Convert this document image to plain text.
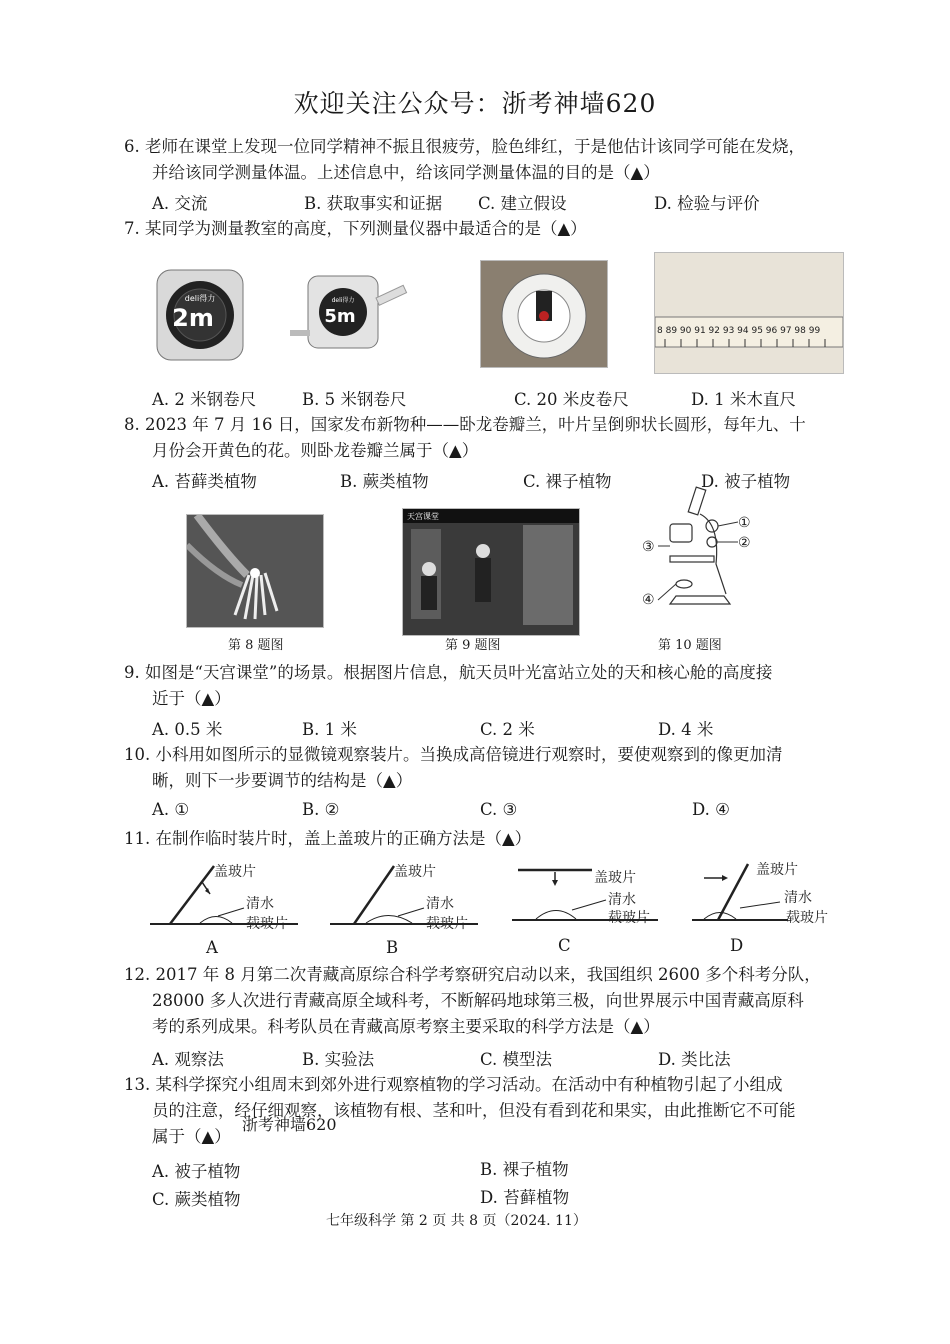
欢迎关注公众号：浙考神墙620
6. 老师在课堂上发现一位同学精神不振且很疲劳，脸色绯红，于是他估计该同学可能在发烧，
并给该同学测量体温。上述信息中，给该同学测量体温的目的是（▲）
A. 交流	B. 获取事实和证据 C. 建立假设	D. 检验与评价
7. 某同学为测量教室的高度，下列测量仪器中最适合的是（▲）
deli得力
2m
deli得力
5m
8 89 90 91 92 93 94 95 96 97 98 99
A. 2 米钢卷尺	B. 5 米钢卷尺	C. 20 米皮卷尺	D. 1 米木直尺
8. 2023 年 7 月 16 日，国家发布新物种——卧龙卷瓣兰，叶片呈倒卵状长圆形，每年九、十
月份会开黄色的花。则卧龙卷瓣兰属于（▲）
A. 苔藓类植物	B. 蕨类植物	C. 裸子植物	D. 被子植物
天宫课堂	①
②
③
④
第 8 题图	第 9 题图	第 10 题图
9. 如图是“天宫课堂”的场景。根据图片信息，航天员叶光富站立处的天和核心舱的高度接
近于（▲）
A. 0.5 米	B. 1 米	C. 2 米	D. 4 米
10. 小科用如图所示的显微镜观察装片。当换成高倍镜进行观察时，要使观察到的像更加清
晰，则下一步要调节的结构是（▲）
A. ①	B. ②	C. ③	D. ④
11. 在制作临时装片时，盖上盖玻片的正确方法是（▲）
盖玻片
清水
载玻片
盖玻片
清水
载玻片
盖玻片
清水
载玻片
盖玻片
清水
载玻片
A	B	C	D
12. 2017 年 8 月第二次青藏高原综合科学考察研究启动以来，我国组织 2600 多个科考分队，
28000 多人次进行青藏高原全域科考，不断解码地球第三极，向世界展示中国青藏高原科
考的系列成果。科考队员在青藏高原考察主要采取的科学方法是（▲）
A. 观察法	B. 实验法	C. 模型法	D. 类比法
13. 某科学探究小组周末到郊外进行观察植物的学习活动。在活动中有种植物引起了小组成
员的注意，经仔细观察，该植物有根、茎和叶，但没有看到花和果实，由此推断它不可能
属于（▲）
浙考神墙620
A. 被子植物	B. 裸子植物
C. 蕨类植物	D. 苔藓植物
七年级科学 第 2 页 共 8 页（2024. 11）
